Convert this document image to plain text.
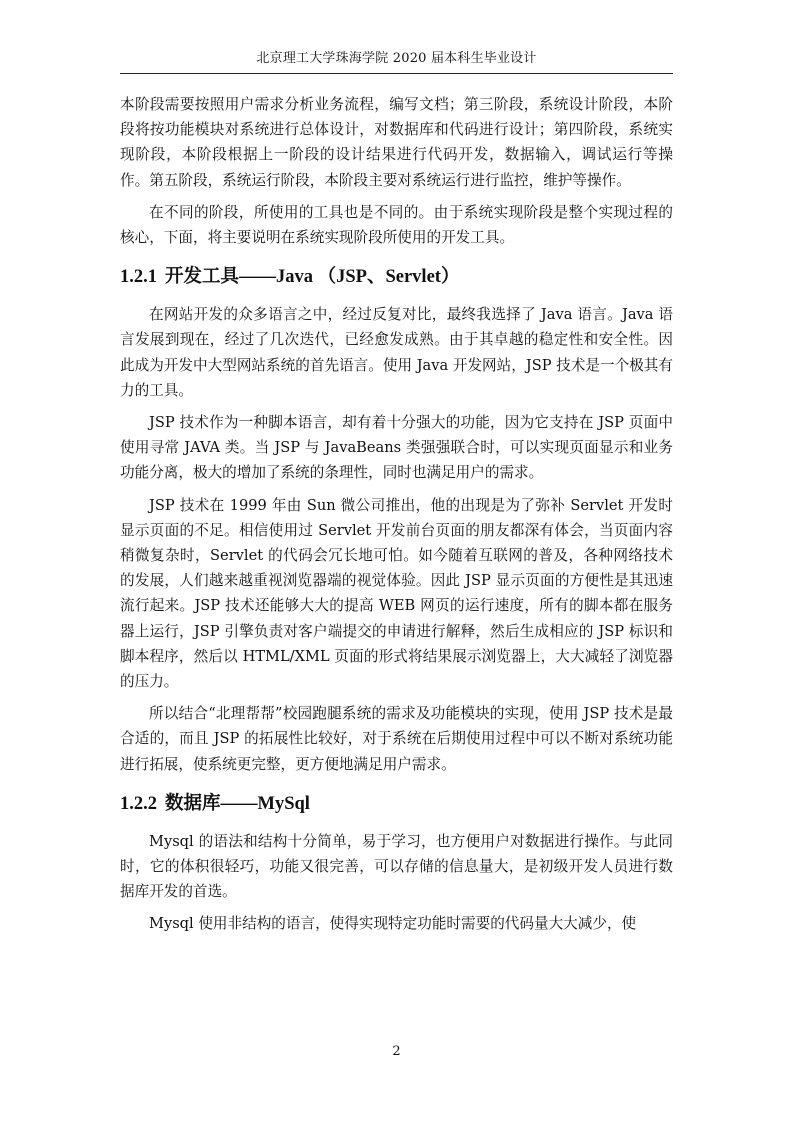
北京理工大学珠海学院 2020 届本科生毕业设计

本阶段需要按照用户需求分析业务流程，编写文档；第三阶段，系统设计阶段，本阶段将按功能模块对系统进行总体设计，对数据库和代码进行设计；第四阶段，系统实现阶段，本阶段根据上一阶段的设计结果进行代码开发，数据输入，调试运行等操作。第五阶段，系统运行阶段，本阶段主要对系统运行进行监控，维护等操作。

在不同的阶段，所使用的工具也是不同的。由于系统实现阶段是整个实现过程的核心，下面，将主要说明在系统实现阶段所使用的开发工具。

1.2.1 开发工具——Java （JSP、Servlet）

在网站开发的众多语言之中，经过反复对比，最终我选择了 Java 语言。Java 语言发展到现在，经过了几次迭代，已经愈发成熟。由于其卓越的稳定性和安全性。因此成为开发中大型网站系统的首先语言。使用 Java 开发网站，JSP 技术是一个极其有力的工具。

JSP 技术作为一种脚本语言，却有着十分强大的功能，因为它支持在 JSP 页面中使用寻常 JAVA 类。当 JSP 与 JavaBeans 类强强联合时，可以实现页面显示和业务功能分离，极大的增加了系统的条理性，同时也满足用户的需求。

JSP 技术在 1999 年由 Sun 微公司推出，他的出现是为了弥补 Servlet 开发时显示页面的不足。相信使用过 Servlet 开发前台页面的朋友都深有体会，当页面内容稍微复杂时，Servlet 的代码会冗长地可怕。如今随着互联网的普及，各种网络技术的发展，人们越来越重视浏览器端的视觉体验。因此 JSP 显示页面的方便性是其迅速流行起来。JSP 技术还能够大大的提高 WEB 网页的运行速度，所有的脚本都在服务器上运行，JSP 引擎负责对客户端提交的申请进行解释，然后生成相应的 JSP 标识和脚本程序，然后以 HTML/XML 页面的形式将结果展示浏览器上，大大减轻了浏览器的压力。

所以结合“北理帮帮”校园跑腿系统的需求及功能模块的实现，使用 JSP 技术是最合适的，而且 JSP 的拓展性比较好，对于系统在后期使用过程中可以不断对系统功能进行拓展，使系统更完整，更方便地满足用户需求。

1.2.2 数据库——MySql

Mysql 的语法和结构十分简单，易于学习，也方便用户对数据进行操作。与此同时，它的体积很轻巧，功能又很完善，可以存储的信息量大，是初级开发人员进行数据库开发的首选。

Mysql 使用非结构的语言，使得实现特定功能时需要的代码量大大减少，使

2
